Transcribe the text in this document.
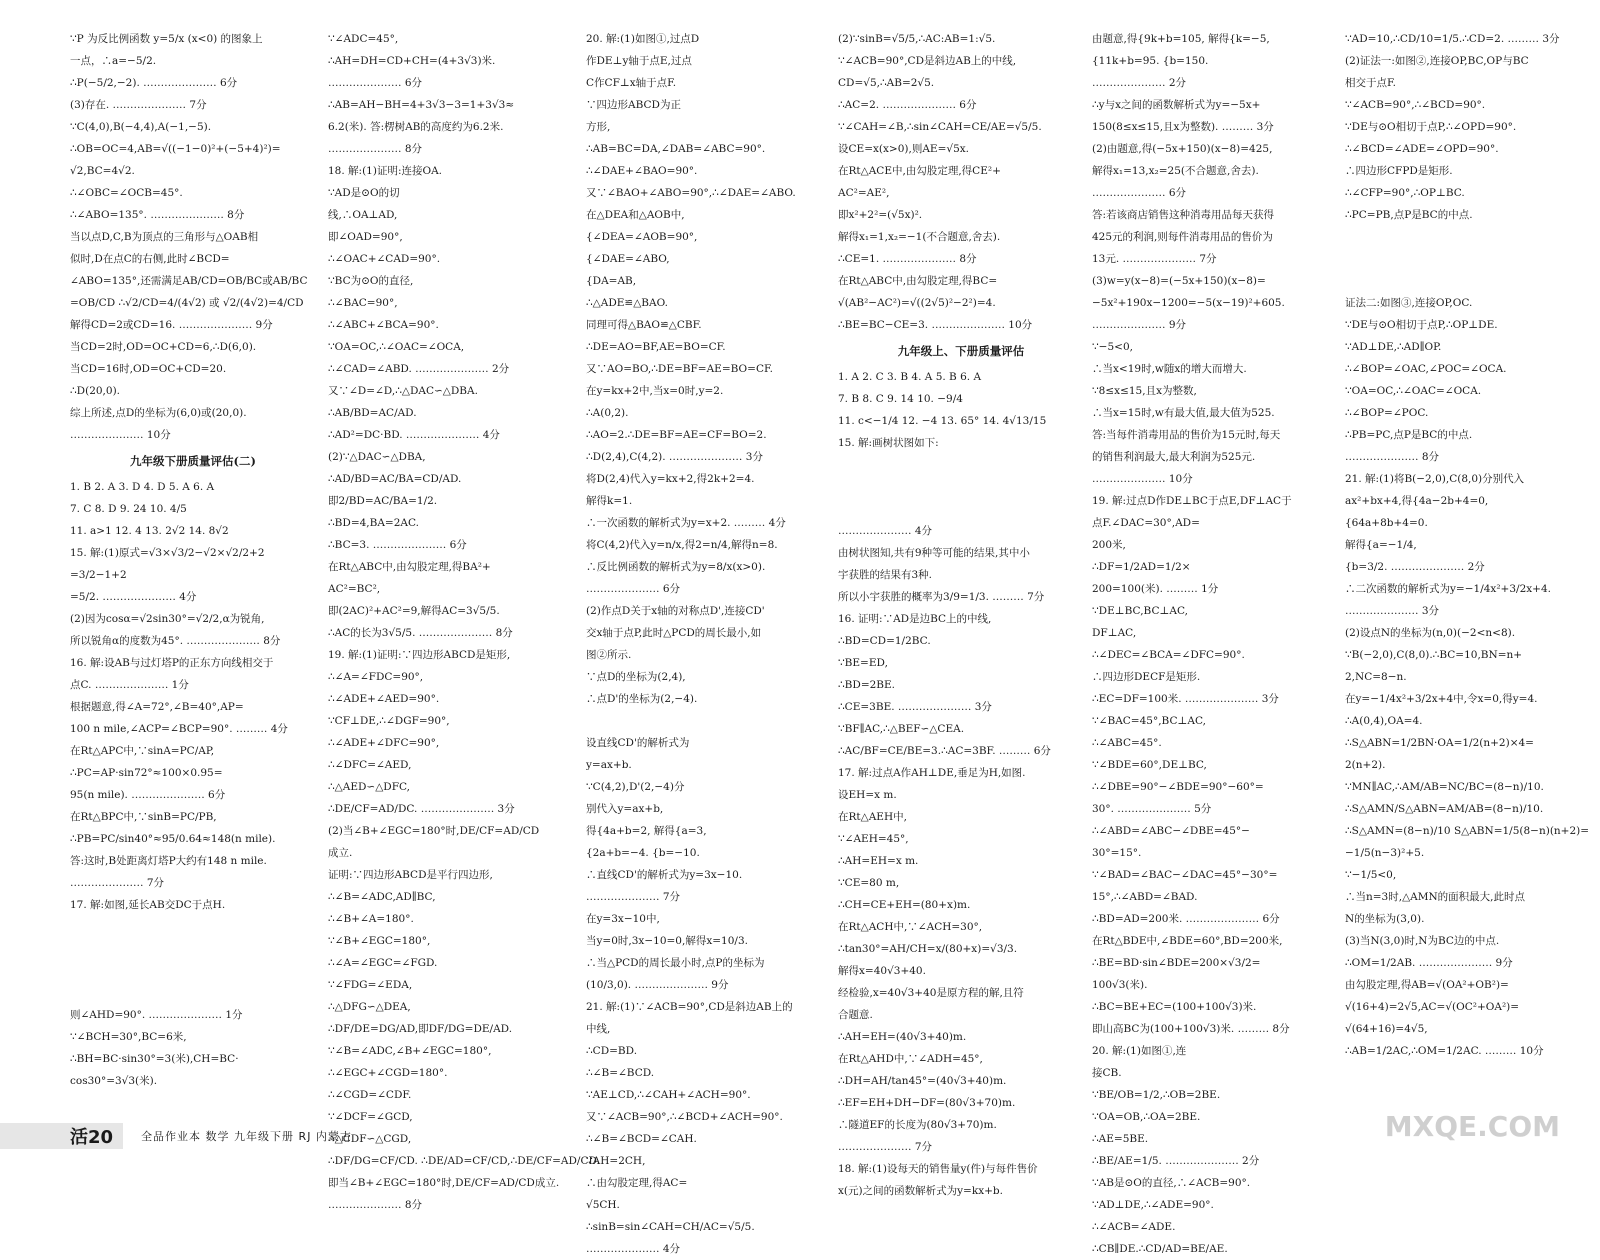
∵P 为反比例函数 y=5/x (x<0) 的图象上
一点，∴a=−5/2.
∴P(−5/2,−2). ………………… 6分
(3)存在. ………………… 7分
∵C(4,0),B(−4,4),A(−1,−5).
∴OB=OC=4,AB=√((−1−0)²+(−5+4)²)=
√2,BC=4√2.
∴∠OBC=∠OCB=45°.
∴∠ABO=135°. ………………… 8分
当以点D,C,B为顶点的三角形与△OAB相
似时,D在点C的右侧,此时∠BCD=
∠ABO=135°,还需满足AB/CD=OB/BC或AB/BC
=OB/CD ∴√2/CD=4/(4√2) 或 √2/(4√2)=4/CD
解得CD=2或CD=16. ………………… 9分
当CD=2时,OD=OC+CD=6,∴D(6,0).
当CD=16时,OD=OC+CD=20.
∴D(20,0).
综上所述,点D的坐标为(6,0)或(20,0).
………………… 10分
九年级下册质量评估(二)
1. B 2. A 3. D 4. D 5. A 6. A
7. C 8. D 9. 24 10. 4/5
11. a>1 12. 4 13. 2√2 14. 8√2
15. 解:(1)原式=√3×√3/2−√2×√2/2+2
=3/2−1+2
=5/2. ………………… 4分
(2)因为cosα=√2sin30°=√2/2,α为锐角,
所以锐角α的度数为45°. ………………… 8分
16. 解:设AB与过灯塔P的正东方向线相交于
点C. ………………… 1分
根据题意,得∠A=72°,∠B=40°,AP=
100 n mile,∠ACP=∠BCP=90°. ……… 4分
在Rt△APC中,∵sinA=PC/AP,
∴PC=AP·sin72°≈100×0.95=
95(n mile). ………………… 6分
在Rt△BPC中,∵sinB=PC/PB,
∴PB=PC/sin40°≈95/0.64≈148(n mile).
答:这时,B处距离灯塔P大约有148 n mile.
………………… 7分
17. 解:如图,延长AB交DC于点H.

则∠AHD=90°. ………………… 1分
∵∠BCH=30°,BC=6米,
∴BH=BC·sin30°=3(米),CH=BC·
cos30°=3√3(米).
∵∠ADC=45°,
∴AH=DH=CD+CH=(4+3√3)米.
………………… 6分
∴AB=AH−BH=4+3√3−3=1+3√3≈
6.2(米). 答:楞树AB的高度约为6.2米.
………………… 8分
18. 解:(1)证明:连接OA.
∵AD是⊙O的切
线,∴OA⊥AD,
即∠OAD=90°,
∴∠OAC+∠CAD=90°.
∵BC为⊙O的直径,
∴∠BAC=90°,
∴∠ABC+∠BCA=90°.
∵OA=OC,∴∠OAC=∠OCA,
∴∠CAD=∠ABD. ………………… 2分
又∵∠D=∠D,∴△DAC∽△DBA.
∴AB/BD=AC/AD.
∴AD²=DC·BD. ………………… 4分
(2)∵△DAC∽△DBA,
∴AD/BD=AC/BA=CD/AD.
即2/BD=AC/BA=1/2.
∴BD=4,BA=2AC.
∴BC=3. ………………… 6分
在Rt△ABC中,由勾股定理,得BA²+
AC²=BC²,
即(2AC)²+AC²=9,解得AC=3√5/5.
∴AC的长为3√5/5. ………………… 8分
19. 解:(1)证明:∵四边形ABCD是矩形,
∴∠A=∠FDC=90°,
∴∠ADE+∠AED=90°.
∵CF⊥DE,∴∠DGF=90°,
∴∠ADE+∠DFC=90°,
∴∠DFC=∠AED,
∴△AED∽△DFC,
∴DE/CF=AD/DC. ………………… 3分
(2)当∠B+∠EGC=180°时,DE/CF=AD/CD
成立.
证明:∵四边形ABCD是平行四边形,
∴∠B=∠ADC,AD∥BC,
∴∠B+∠A=180°.
∵∠B+∠EGC=180°,
∴∠A=∠EGC=∠FGD.
∵∠FDG=∠EDA,
∴△DFG∽△DEA,
∴DF/DE=DG/AD,即DF/DG=DE/AD.
∵∠B=∠ADC,∠B+∠EGC=180°,
∴∠EGC+∠CGD=180°.
∴∠CGD=∠CDF.
∵∠DCF=∠GCD,
∴△CDF∽△CGD,
∴DF/DG=CF/CD. ∴DE/AD=CF/CD,∴DE/CF=AD/CD.
即当∠B+∠EGC=180°时,DE/CF=AD/CD成立.
………………… 8分
20. 解:(1)如图①,过点D
作DE⊥y轴于点E,过点
C作CF⊥x轴于点F.
∵四边形ABCD为正
方形,
∴AB=BC=DA,∠DAB=∠ABC=90°.
∴∠DAE+∠BAO=90°.
又∵∠BAO+∠ABO=90°,∴∠DAE=∠ABO.
在△DEA和△AOB中,
{∠DEA=∠AOB=90°,
{∠DAE=∠ABO,
{DA=AB,
∴△ADE≌△BAO.
同理可得△BAO≌△CBF.
∴DE=AO=BF,AE=BO=CF.
又∵AO=BO,∴DE=BF=AE=BO=CF.
在y=kx+2中,当x=0时,y=2.
∴A(0,2).
∴AO=2.∴DE=BF=AE=CF=BO=2.
∴D(2,4),C(4,2). ………………… 3分
将D(2,4)代入y=kx+2,得2k+2=4.
解得k=1.
∴一次函数的解析式为y=x+2. ……… 4分
将C(4,2)代入y=n/x,得2=n/4,解得n=8.
∴反比例函数的解析式为y=8/x(x>0).
………………… 6分
(2)作点D关于x轴的对称点D',连接CD'
交x轴于点P,此时△PCD的周长最小,如
图②所示.
∵点D的坐标为(2,4),
∴点D'的坐标为(2,−4).

设直线CD'的解析式为
y=ax+b.
∵C(4,2),D'(2,−4)分
别代入y=ax+b,
得{4a+b=2, 解得{a=3,
{2a+b=−4. {b=−10.
∴直线CD'的解析式为y=3x−10.
………………… 7分
在y=3x−10中,
当y=0时,3x−10=0,解得x=10/3.
∴当△PCD的周长最小时,点P的坐标为
(10/3,0). ………………… 9分
21. 解:(1)∵∠ACB=90°,CD是斜边AB上的
中线,
∴CD=BD.
∴∠B=∠BCD.
∵AE⊥CD,∴∠CAH+∠ACH=90°.
又∵∠ACB=90°,∴∠BCD+∠ACH=90°.
∴∠B=∠BCD=∠CAH.
∵AH=2CH,
∴由勾股定理,得AC=
√5CH.
∴sinB=sin∠CAH=CH/AC=√5/5.
………………… 4分
(2)∵sinB=√5/5,∴AC:AB=1:√5.
∵∠ACB=90°,CD是斜边AB上的中线,
CD=√5,∴AB=2√5.
∴AC=2. ………………… 6分
∵∠CAH=∠B,∴sin∠CAH=CE/AE=√5/5.
设CE=x(x>0),则AE=√5x.
在Rt△ACE中,由勾股定理,得CE²+
AC²=AE²,
即x²+2²=(√5x)².
解得x₁=1,x₂=−1(不合题意,舍去).
∴CE=1. ………………… 8分
在Rt△ABC中,由勾股定理,得BC=
√(AB²−AC²)=√((2√5)²−2²)=4.
∴BE=BC−CE=3. ………………… 10分
九年级上、下册质量评估
1. A 2. C 3. B 4. A 5. B 6. A
7. B 8. C 9. 14 10. −9/4
11. c<−1/4 12. −4 13. 65° 14. 4√13/15
15. 解:画树状图如下:

………………… 4分
由树状图知,共有9种等可能的结果,其中小
宇获胜的结果有3种.
所以小宇获胜的概率为3/9=1/3. ……… 7分
16. 证明:∵AD是边BC上的中线,
∴BD=CD=1/2BC.
∵BE=ED,
∴BD=2BE.
∴CE=3BE. ………………… 3分
∵BF∥AC,∴△BEF∽△CEA.
∴AC/BF=CE/BE=3.∴AC=3BF. ……… 6分
17. 解:过点A作AH⊥DE,垂足为H,如图.
设EH=x m.
在Rt△AEH中,
∵∠AEH=45°,
∴AH=EH=x m.
∵CE=80 m,
∴CH=CE+EH=(80+x)m.
在Rt△ACH中,∵∠ACH=30°,
∴tan30°=AH/CH=x/(80+x)=√3/3.
解得x=40√3+40.
经检验,x=40√3+40是原方程的解,且符
合题意.
∴AH=EH=(40√3+40)m.
在Rt△AHD中,∵∠ADH=45°,
∴DH=AH/tan45°=(40√3+40)m.
∴EF=EH+DH−DF=(80√3+70)m.
∴隧道EF的长度为(80√3+70)m.
………………… 7分
18. 解:(1)设每天的销售量y(件)与每件售价
x(元)之间的函数解析式为y=kx+b.
由题意,得{9k+b=105, 解得{k=−5,
{11k+b=95. {b=150.
………………… 2分
∴y与x之间的函数解析式为y=−5x+
150(8≤x≤15,且x为整数). ……… 3分
(2)由题意,得(−5x+150)(x−8)=425,
解得x₁=13,x₂=25(不合题意,舍去).
………………… 6分
答:若该商店销售这种消毒用品每天获得
425元的利润,则每件消毒用品的售价为
13元. ………………… 7分
(3)w=y(x−8)=(−5x+150)(x−8)=
−5x²+190x−1200=−5(x−19)²+605.
………………… 9分
∵−5<0,
∴当x<19时,w随x的增大而增大.
∵8≤x≤15,且x为整数,
∴当x=15时,w有最大值,最大值为525.
答:当每件消毒用品的售价为15元时,每天
的销售利润最大,最大利润为525元.
………………… 10分
19. 解:过点D作DE⊥BC于点E,DF⊥AC于
点F.∠DAC=30°,AD=
200米,
∴DF=1/2AD=1/2×
200=100(米). ……… 1分
∵DE⊥BC,BC⊥AC,
DF⊥AC,
∴∠DEC=∠BCA=∠DFC=90°.
∴四边形DECF是矩形.
∴EC=DF=100米. ………………… 3分
∵∠BAC=45°,BC⊥AC,
∴∠ABC=45°.
∵∠BDE=60°,DE⊥BC,
∴∠DBE=90°−∠BDE=90°−60°=
30°. ………………… 5分
∴∠ABD=∠ABC−∠DBE=45°−
30°=15°.
∵∠BAD=∠BAC−∠DAC=45°−30°=
15°,∴∠ABD=∠BAD.
∴BD=AD=200米. ………………… 6分
在Rt△BDE中,∠BDE=60°,BD=200米,
∴BE=BD·sin∠BDE=200×√3/2=
100√3(米).
∴BC=BE+EC=(100+100√3)米.
即山高BC为(100+100√3)米. ……… 8分
20. 解:(1)如图①,连
接CB.
∵BE/OB=1/2,∴OB=2BE.
∵OA=OB,∴OA=2BE.
∴AE=5BE.
∴BE/AE=1/5. ………………… 2分
∵AB是⊙O的直径,∴∠ACB=90°.
∵AD⊥DE,∴∠ADE=90°.
∴∠ACB=∠ADE.
∴CB∥DE.∴CD/AD=BE/AE.
∵AD=10,∴CD/10=1/5.∴CD=2. ……… 3分
(2)证法一:如图②,连接OP,BC,OP与BC
相交于点F.
∵∠ACB=90°,∴∠BCD=90°.
∵DE与⊙O相切于点P,∴∠OPD=90°.
∴∠BCD=∠ADE=∠OPD=90°.
∴四边形CFPD是矩形.
∴∠CFP=90°,∴OP⊥BC.
∴PC=PB,点P是BC的中点.

证法二:如图③,连接OP,OC.
∵DE与⊙O相切于点P,∴OP⊥DE.
∵AD⊥DE,∴AD∥OP.
∴∠BOP=∠OAC,∠POC=∠OCA.
∵OA=OC,∴∠OAC=∠OCA.
∴∠BOP=∠POC.
∴PB=PC,点P是BC的中点.
………………… 8分
21. 解:(1)将B(−2,0),C(8,0)分别代入
ax²+bx+4,得{4a−2b+4=0,
{64a+8b+4=0.
解得{a=−1/4,
{b=3/2. ………………… 2分
∴二次函数的解析式为y=−1/4x²+3/2x+4.
………………… 3分
(2)设点N的坐标为(n,0)(−2<n<8).
∵B(−2,0),C(8,0).∴BC=10,BN=n+
2,NC=8−n.
在y=−1/4x²+3/2x+4中,令x=0,得y=4.
∴A(0,4),OA=4.
∴S△ABN=1/2BN·OA=1/2(n+2)×4=
2(n+2).
∵MN∥AC,∴AM/AB=NC/BC=(8−n)/10.
∴S△AMN/S△ABN=AM/AB=(8−n)/10.
∴S△AMN=(8−n)/10 S△ABN=1/5(8−n)(n+2)=
−1/5(n−3)²+5.
∵−1/5<0,
∴当n=3时,△AMN的面积最大,此时点
N的坐标为(3,0).
(3)当N(3,0)时,N为BC边的中点.
∴OM=1/2AB. ………………… 9分
由勾股定理,得AB=√(OA²+OB²)=
√(16+4)=2√5,AC=√(OC²+OA²)=
√(64+16)=4√5,
∴AB=1/2AC,∴OM=1/2AC. ……… 10分
活20	全品作业本 数学 九年级下册 RJ 内蒙古	MXQE.COM
